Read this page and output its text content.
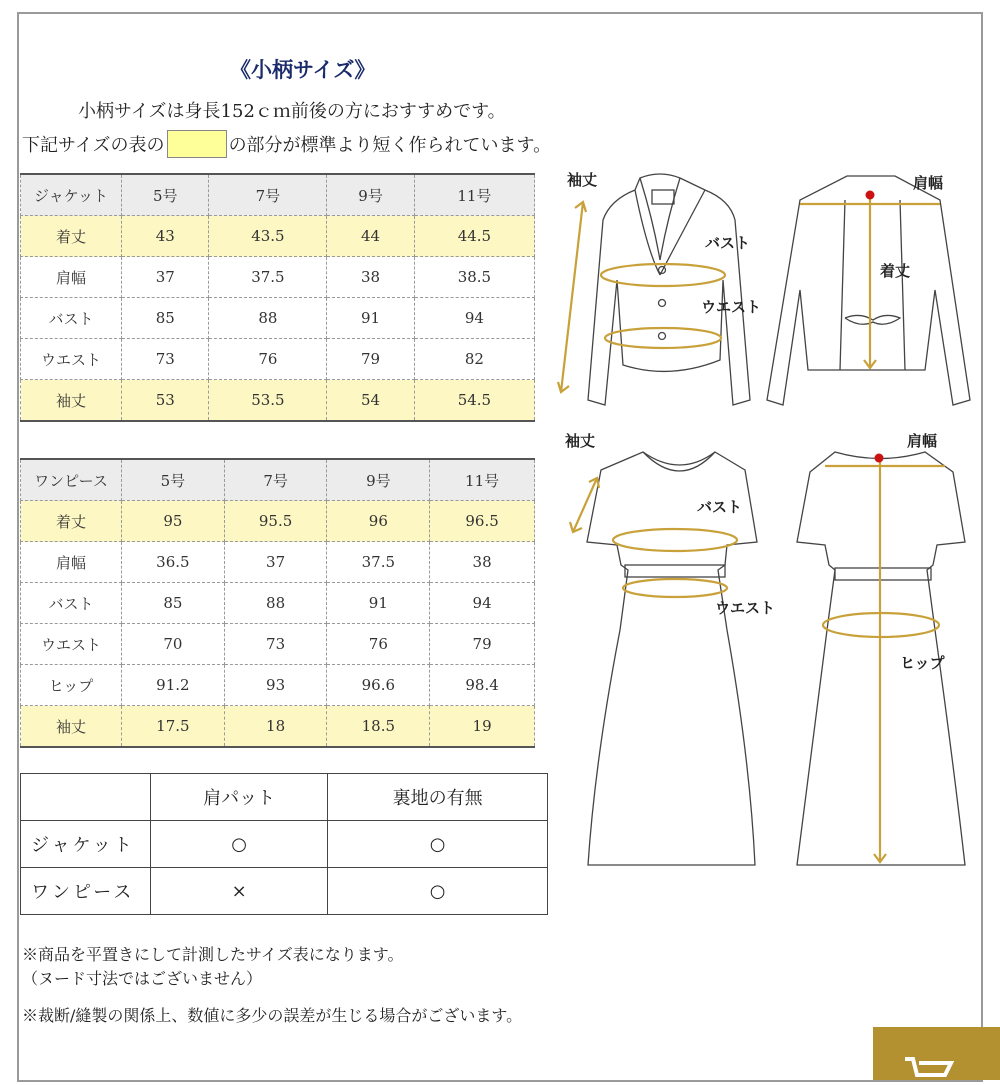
《小柄サイズ》
小柄サイズは身長152ｃｍ前後の方におすすめです。
下記サイズの表の	の部分が標準より短く作られています。
ジャケット	5号	7号	9号	11号
着丈	43	43.5	44	44.5
肩幅	37	37.5	38	38.5
バスト	85	88	91	94
ウエスト	73	76	79	82
袖丈	53	53.5	54	54.5
ワンピース	5号	7号	9号	11号
着丈	95	95.5	96	96.5
肩幅	36.5	37	37.5	38
バスト	85	88	91	94
ウエスト	70	73	76	79
ヒップ	91.2	93	96.6	98.4
袖丈	17.5	18	18.5	19
	肩パット	裏地の有無
ジャケット	○	○
ワンピース	×	○
※商品を平置きにして計測したサイズ表になります。
（ヌード寸法ではございません）
※裁断/縫製の関係上、数値に多少の誤差が生じる場合がございます。
袖丈
バスト
ウエスト
肩幅
着丈
袖丈
バスト
ウエスト
肩幅
ヒップ
